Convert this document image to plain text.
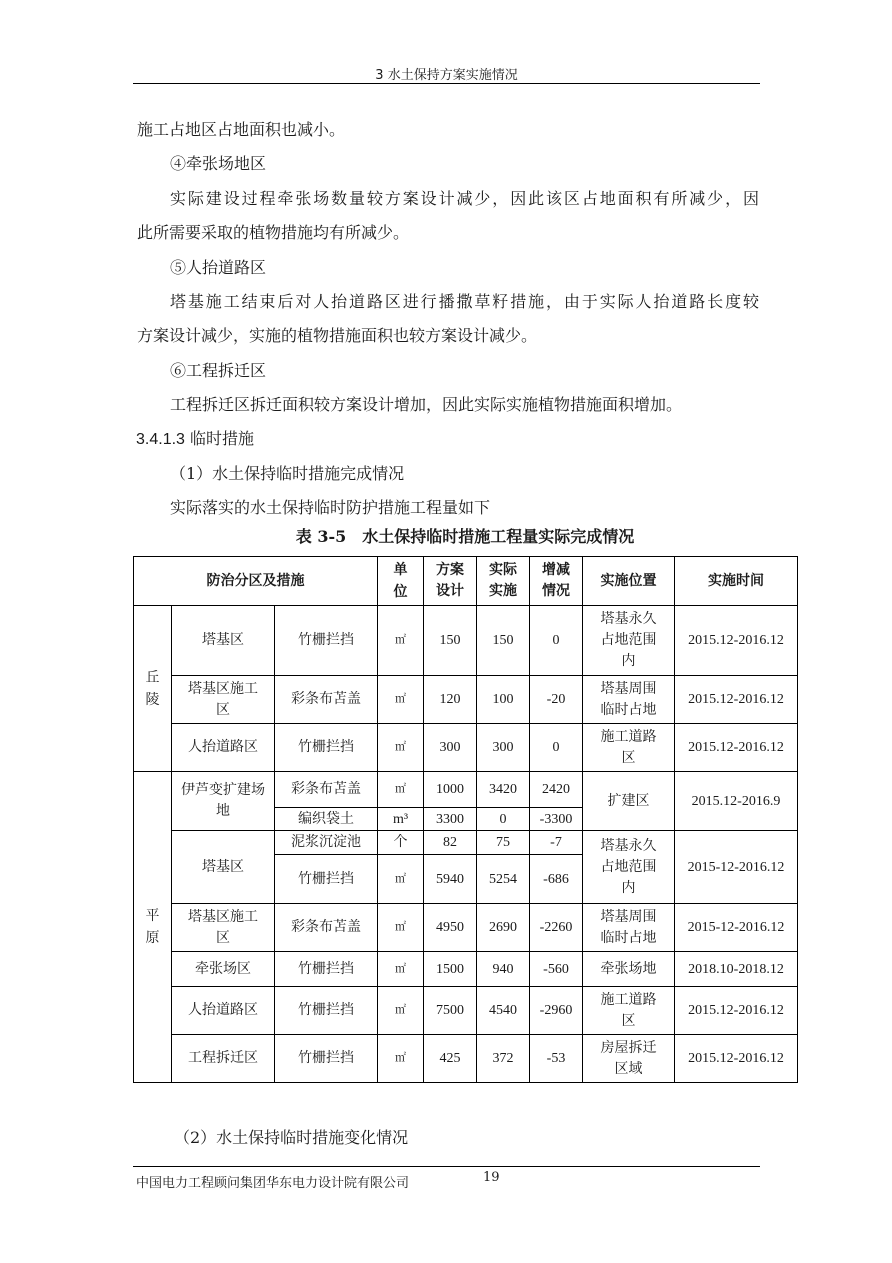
3 水土保持方案实施情况
施工占地区占地面积也减小。
④牵张场地区
实际建设过程牵张场数量较方案设计减少，因此该区占地面积有所减少，因
此所需要采取的植物措施均有所减少。
⑤人抬道路区
塔基施工结束后对人抬道路区进行播撒草籽措施，由于实际人抬道路长度较
方案设计减少，实施的植物措施面积也较方案设计减少。
⑥工程拆迁区
工程拆迁区拆迁面积较方案设计增加，因此实际实施植物措施面积增加。
3.4.1.3 临时措施
（1）水土保持临时措施完成情况
实际落实的水土保持临时防护措施工程量如下
表 3-5　水土保持临时措施工程量实际完成情况
防治分区及措施			单位	方案设计	实际实施	增减情况	实施位置	实施时间
丘陵	塔基区	竹栅拦挡	㎡	150	150	0	塔基永久占地范围内	2015.12-2016.12
	塔基区施工区	彩条布苫盖	㎡	120	100	-20	塔基周围临时占地	2015.12-2016.12
	人抬道路区	竹栅拦挡	㎡	300	300	0	施工道路区	2015.12-2016.12
平原	伊芦变扩建场地	彩条布苫盖	㎡	1000	3420	2420	扩建区	2015.12-2016.9
		编织袋土	m³	3300	0	-3300		
	塔基区	泥浆沉淀池	个	82	75	-7	塔基永久占地范围内	2015-12-2016.12
		竹栅拦挡	㎡	5940	5254	-686		
	塔基区施工区	彩条布苫盖	㎡	4950	2690	-2260	塔基周围临时占地	2015-12-2016.12
	牵张场区	竹栅拦挡	㎡	1500	940	-560	牵张场地	2018.10-2018.12
	人抬道路区	竹栅拦挡	㎡	7500	4540	-2960	施工道路区	2015.12-2016.12
	工程拆迁区	竹栅拦挡	㎡	425	372	-53	房屋拆迁区域	2015.12-2016.12
（2）水土保持临时措施变化情况
中国电力工程顾问集团华东电力设计院有限公司	19
